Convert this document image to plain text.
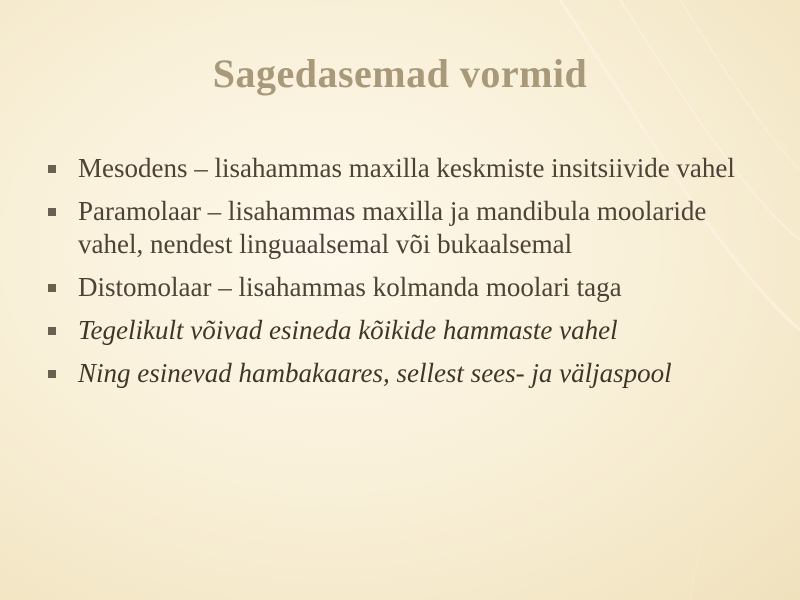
Sagedasemad vormid
Mesodens – lisahammas maxilla keskmiste insitsiivide vahel
Paramolaar – lisahammas maxilla ja mandibula moolaride vahel, nendest linguaalsemal või bukaalsemal
Distomolaar – lisahammas kolmanda moolari taga
Tegelikult võivad esineda kõikide hammaste vahel
Ning esinevad hambakaares, sellest sees- ja väljaspool
